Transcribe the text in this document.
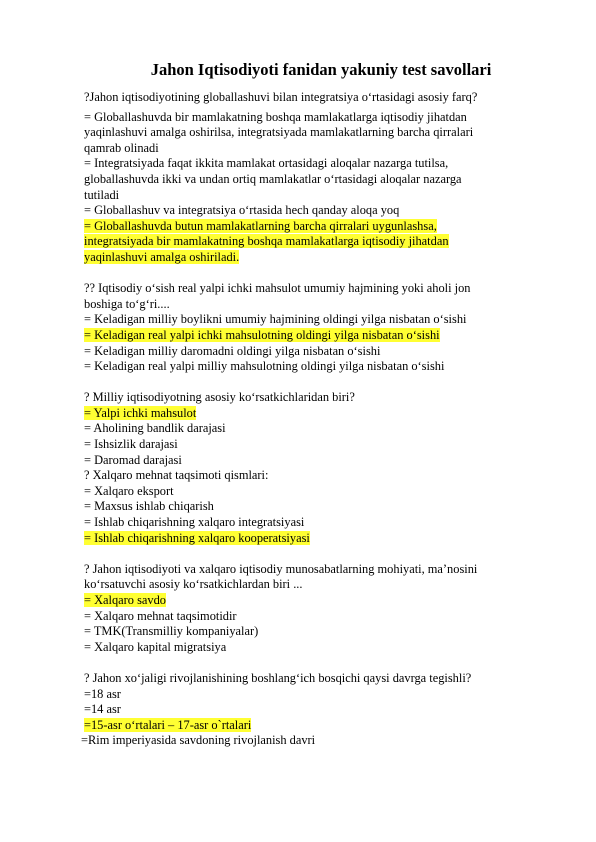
Jahon Iqtisodiyoti fanidan yakuniy test savollari
?Jahon iqtisodiyotining globallashuvi bilan integratsiya o‘rtasidagi asosiy farq?
= Globallashuvda bir mamlakatning boshqa mamlakatlarga iqtisodiy jihatdan
yaqinlashuvi amalga oshirilsa, integratsiyada mamlakatlarning barcha qirralari
qamrab olinadi
= Integratsiyada faqat ikkita mamlakat ortasidagi aloqalar nazarga tutilsa,
globallashuvda ikki va undan ortiq mamlakatlar o‘rtasidagi aloqalar nazarga
tutiladi
= Globallashuv va integratsiya o‘rtasida hech qanday aloqa yoq
= Globallashuvda butun mamlakatlarning barcha qirralari uygunlashsa,
integratsiyada bir mamlakatning boshqa mamlakatlarga iqtisodiy jihatdan
yaqinlashuvi amalga oshiriladi.
?? Iqtisodiy o‘sish real yalpi ichki mahsulot umumiy hajmining yoki aholi jon
boshiga to‘g‘ri....
= Keladigan milliy boylikni umumiy hajmining oldingi yilga nisbatan o‘sishi
= Keladigan real yalpi ichki mahsulotning oldingi yilga nisbatan o‘sishi
= Keladigan milliy daromadni oldingi yilga nisbatan o‘sishi
= Keladigan real yalpi milliy mahsulotning oldingi yilga nisbatan o‘sishi
? Milliy iqtisodiyotning asosiy ko‘rsatkichlaridan biri?
= Yalpi ichki mahsulot
= Aholining bandlik darajasi
= Ishsizlik darajasi
= Daromad darajasi
? Xalqaro mehnat taqsimoti qismlari:
= Xalqaro eksport
= Maxsus ishlab chiqarish
= Ishlab chiqarishning xalqaro integratsiyasi
= Ishlab chiqarishning xalqaro kooperatsiyasi
? Jahon iqtisodiyoti va xalqaro iqtisodiy munosabatlarning mohiyati, ma’nosini
ko‘rsatuvchi asosiy ko‘rsatkichlardan biri ...
= Xalqaro savdo
= Xalqaro mehnat taqsimotidir
= TMK(Transmilliy kompaniyalar)
= Xalqaro kapital migratsiya
? Jahon xo‘jaligi rivojlanishining boshlang‘ich bosqichi qaysi davrga tegishli?
=18 asr
=14 asr
=15-asr o‘rtalari – 17-asr o`rtalari
=Rim imperiyasida savdoning rivojlanish davri
